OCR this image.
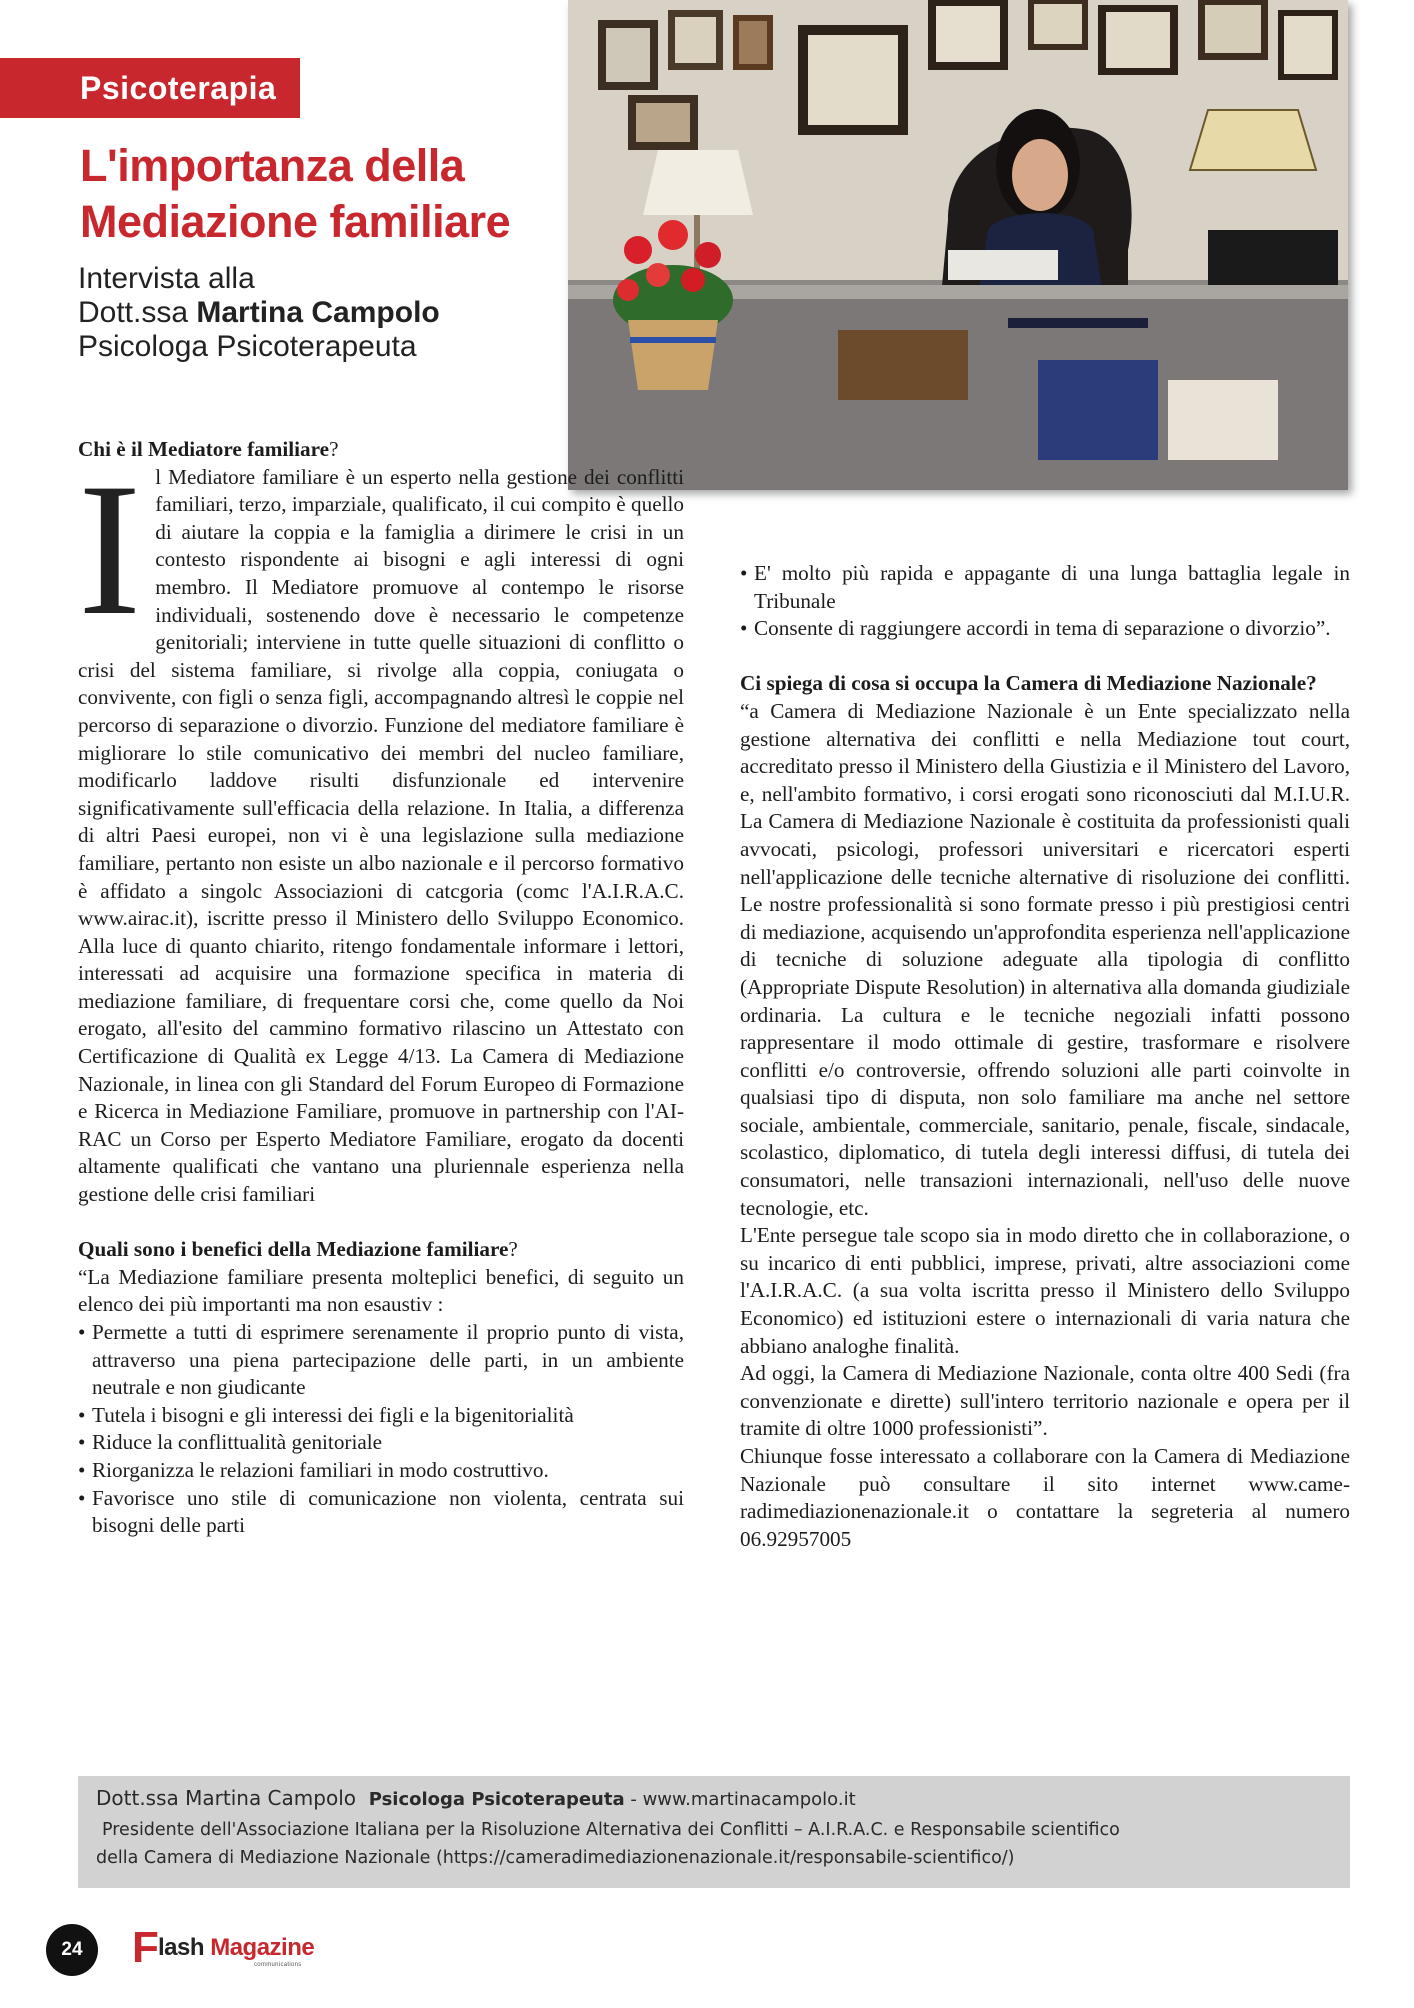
Psicoterapia
L'importanza della
Mediazione familiare
Intervista alla
Dott.ssa Martina Campolo
Psicologa Psicoterapeuta

Chi è il Mediatore familiare?

Il Mediatore familiare è un esperto nella gestione dei conflitti familiari, terzo, imparziale, qualificato, il cui compito è quello di aiutare la coppia e la famiglia a dirimere le crisi in un contesto rispondente ai bisogni e agli interessi di ogni membro. Il Mediatore promuove al contempo le risorse individuali, sostenendo dove è necessario le competenze genitoriali; interviene in tutte quelle situazioni di conflitto o crisi del sistema familiare, si rivolge alla coppia, coniugata o convivente, con figli o senza figli, accompagnando altresì le coppie nel percorso di separazione o divorzio. Funzione del mediatore familiare è migliorare lo stile comunicativo dei membri del nucleo familiare, modificarlo laddove risulti disfunzionale ed intervenire significativamente sull'efficacia della relazione. In Italia, a differenza di altri Paesi europei, non vi è una legislazione sulla mediazione familiare, pertanto non esiste un albo nazionale e il percorso formativo è affidato a singolc Associazioni di catcgoria (comc l'A.I.R.A.C. www.airac.it), iscritte presso il Ministero dello Sviluppo Economico. Alla luce di quanto chiarito, ritengo fondamentale informare i lettori, interessati ad acquisire una formazione specifica in materia di mediazione familiare, di frequentare corsi che, come quello da Noi erogato, all'esito del cammino formativo rilascino un Attestato con Certificazione di Qualità ex Legge 4/13. La Camera di Mediazione Nazionale, in linea con gli Standard del Forum Europeo di Formazione e Ricerca in Mediazione Familiare, promuove in partnership con l'AIRAC un Corso per Esperto Mediatore Familiare, erogato da docenti altamente qualificati che vantano una pluriennale esperienza nella gestione delle crisi familiari

Quali sono i benefici della Mediazione familiare?

“La Mediazione familiare presenta molteplici benefici, di seguito un elenco dei più importanti ma non esaustiv :

• Permette a tutti di esprimere serenamente il proprio punto di vista, attraverso una piena partecipazione delle parti, in un ambiente neutrale e non giudicante
• Tutela i bisogni e gli interessi dei figli e la bigenitorialità
• Riduce la conflittualità genitoriale
• Riorganizza le relazioni familiari in modo costruttivo.
• Favorisce uno stile di comunicazione non violenta, centrata sui bisogni delle parti
• E' molto più rapida e appagante di una lunga battaglia legale in Tribunale
• Consente di raggiungere accordi in tema di separazione o divorzio”.

Ci spiega di cosa si occupa la Camera di Mediazione Nazionale?

“a Camera di Mediazione Nazionale è un Ente specializzato nella gestione alternativa dei conflitti e nella Mediazione tout court, accreditato presso il Ministero della Giustizia e il Ministero del Lavoro, e, nell'ambito formativo, i corsi erogati sono riconosciuti dal M.I.U.R. La Camera di Mediazione Nazionale è costituita da professionisti quali avvocati, psicologi, professori universitari e ricercatori esperti nell'applicazione delle tecniche alternative di risoluzione dei conflitti. Le nostre professionalità si sono formate presso i più prestigiosi centri di mediazione, acquisendo un'approfondita esperienza nell'applicazione di tecniche di soluzione adeguate alla tipologia di conflitto (Appropriate Dispute Resolution) in alternativa alla domanda giudiziale ordinaria. La cultura e le tecniche negoziali infatti possono rappresentare il modo ottimale di gestire, trasformare e risolvere conflitti e/o controversie, offrendo soluzioni alle parti coinvolte in qualsiasi tipo di disputa, non solo familiare ma anche nel settore sociale, ambientale, commerciale, sanitario, penale, fiscale, sindacale, scolastico, diplomatico, di tutela degli interessi diffusi, di tutela dei consumatori, nelle transazioni internazionali, nell'uso delle nuove tecnologie, etc.

L'Ente persegue tale scopo sia in modo diretto che in collaborazione, o su incarico di enti pubblici, imprese, privati, altre associazioni come l'A.I.R.A.C. (a sua volta iscritta presso il Ministero dello Sviluppo Economico) ed istituzioni estere o internazionali di varia natura che abbiano analoghe finalità.

Ad oggi, la Camera di Mediazione Nazionale, conta oltre 400 Sedi (fra convenzionate e dirette) sull'intero territorio nazionale e opera per il tramite di oltre 1000 professionisti”.

Chiunque fosse interessato a collaborare con la Camera di Mediazione Nazionale può consultare il sito internet www.cameradimediazionenazionale.it o contattare la segreteria al numero 06.92957005

Dott.ssa Martina Campolo Psicologa Psicoterapeuta - www.martinacampolo.it
Presidente dell'Associazione Italiana per la Risoluzione Alternativa dei Conflitti – A.I.R.A.C. e Responsabile scientifico
della Camera di Mediazione Nazionale (https://cameradimediazionenazionale.it/responsabile-scientifico/)
24	F lash Magazine
communications
